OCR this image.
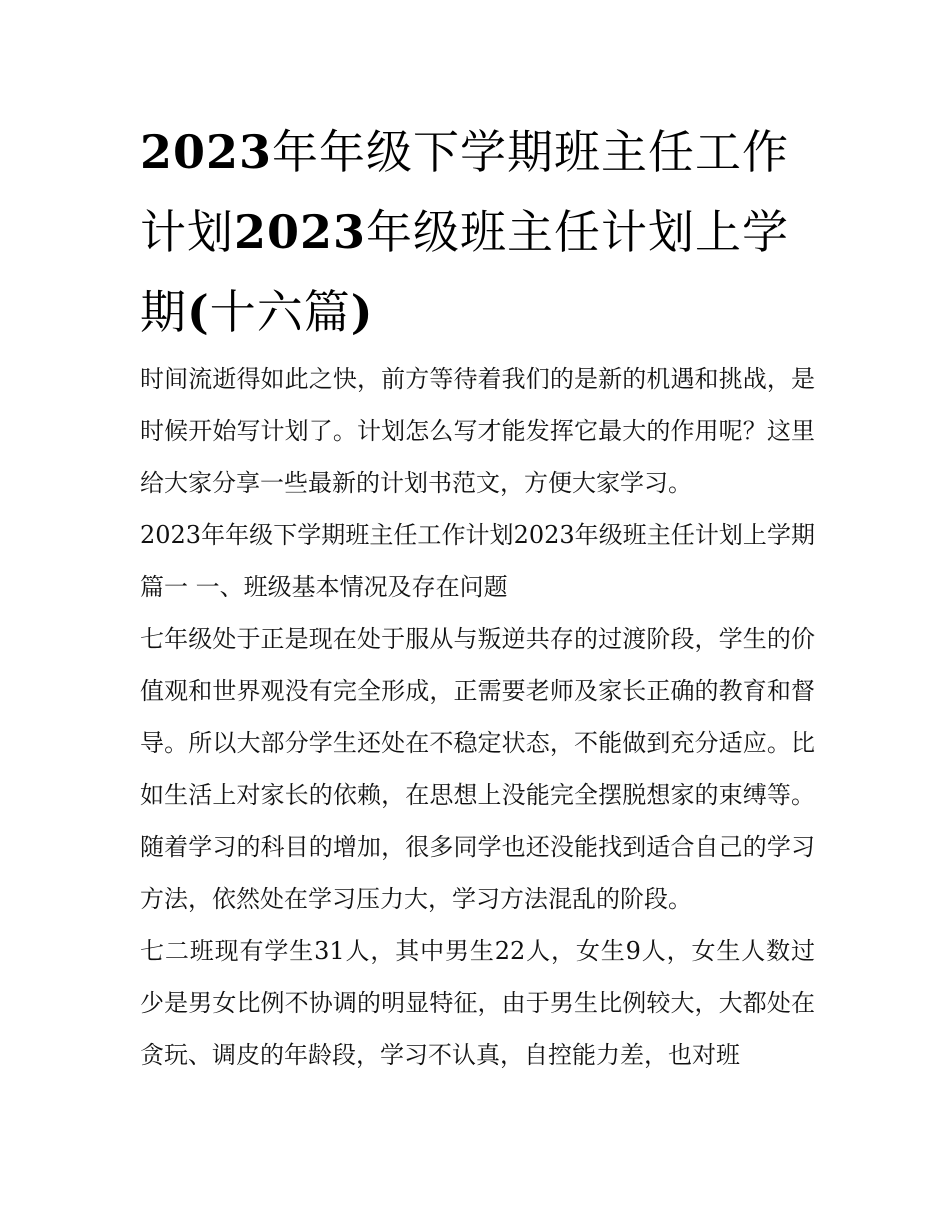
2023年年级下学期班主任工作计划2023年级班主任计划上学期(十六篇)

时间流逝得如此之快，前方等待着我们的是新的机遇和挑战，是时候开始写计划了。计划怎么写才能发挥它最大的作用呢？这里给大家分享一些最新的计划书范文，方便大家学习。

2023年年级下学期班主任工作计划2023年级班主任计划上学期篇一 一、班级基本情况及存在问题

七年级处于正是现在处于服从与叛逆共存的过渡阶段，学生的价值观和世界观没有完全形成，正需要老师及家长正确的教育和督导。所以大部分学生还处在不稳定状态，不能做到充分适应。比如生活上对家长的依赖，在思想上没能完全摆脱想家的束缚等。随着学习的科目的增加，很多同学也还没能找到适合自己的学习方法，依然处在学习压力大，学习方法混乱的阶段。

七二班现有学生31人，其中男生22人，女生9人，女生人数过少是男女比例不协调的明显特征，由于男生比例较大，大都处在贪玩、调皮的年龄段，学习不认真，自控能力差，也对班
